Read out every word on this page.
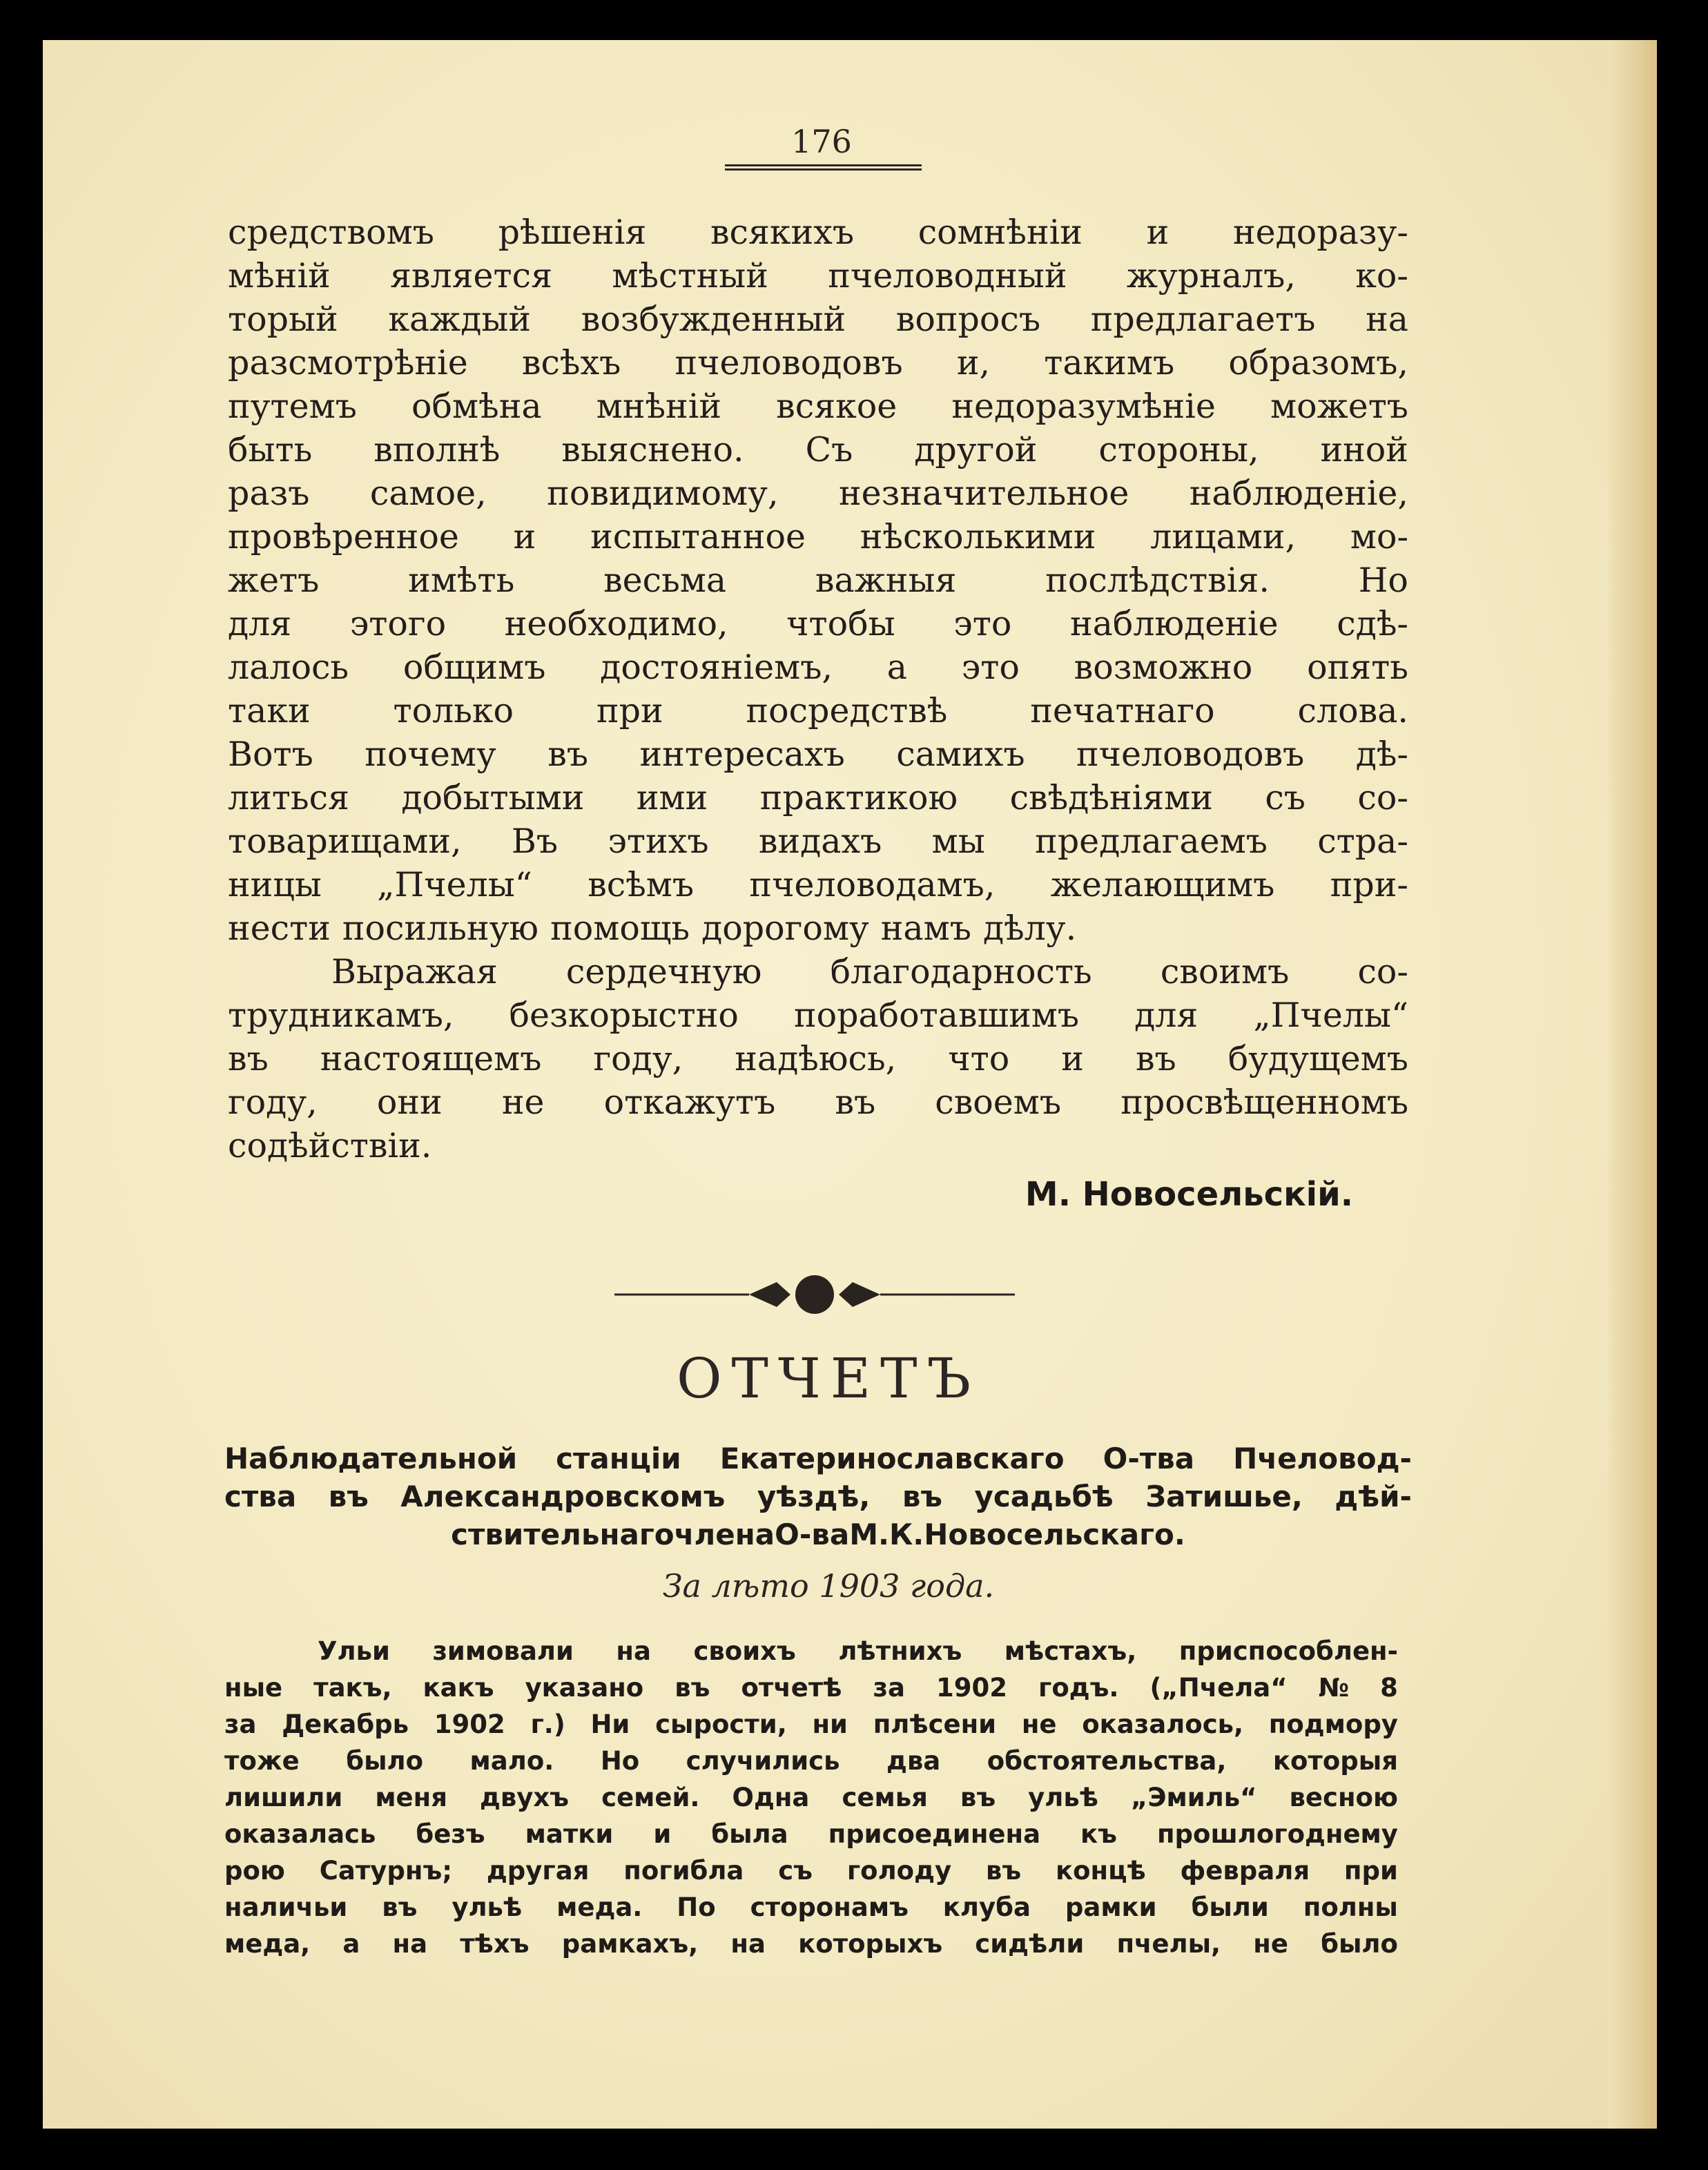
176
средствомъ рѣшенія всякихъ сомнѣніи и недоразу-
мѣній является мѣстный пчеловодный журналъ, ко-
торый каждый возбужденный вопросъ предлагаетъ на
разсмотрѣніе всѣхъ пчеловодовъ и, такимъ образомъ,
путемъ обмѣна мнѣній всякое недоразумѣніе можетъ
быть вполнѣ выяснено. Съ другой стороны, иной
разъ самое, повидимому, незначительное наблюденіе,
провѣренное и испытанное нѣсколькими лицами, мо-
жетъ	имѣть	весьма	важныя	послѣдствія.	Но
для этого необходимо, чтобы это наблюденіе сдѣ-
лалось общимъ достояніемъ, а это возможно опять
таки только при посредствѣ печатнаго слова.
Вотъ почему въ интересахъ самихъ пчеловодовъ дѣ-
литься добытыми ими практикою свѣдѣніями съ со-
товарищами, Въ этихъ видахъ мы предлагаемъ стра-
ницы „Пчелы“ всѣмъ пчеловодамъ, желающимъ при-
нести посильную помощь дорогому намъ дѣлу.
Выражая сердечную благодарность своимъ со-
трудникамъ, безкорыстно поработавшимъ для „Пчелы“
въ настоящемъ году, надѣюсь, что и въ будущемъ
году, они не откажутъ въ своемъ просвѣщенномъ
содѣйствіи.
М. Новосельскій.
ОТЧЕТЪ
Наблюдательной станціи Екатеринославскаго О-тва Пчеловод-
ства въ Александровскомъ уѣздѣ, въ усадьбѣ Затишье, дѣй-
ствительнаго члена О-ва М. К. Новосельскаго.
За лѣто 1903 года.
Ульи зимовали на своихъ лѣтнихъ мѣстахъ, приспособлен-
ные такъ, какъ указано въ отчетѣ за 1902 годъ. („Пчела“ № 8
за Декабрь 1902 г.) Ни сырости, ни плѣсени не оказалось, подмору
тоже было мало. Но случились два обстоятельства, которыя
лишили меня двухъ семей. Одна семья въ ульѣ „Эмиль“ весною
оказалась безъ матки и была присоединена къ прошлогоднему
рою Сатурнъ; другая погибла съ голоду въ концѣ февраля при
наличьи въ ульѣ меда. По сторонамъ клуба рамки были полны
меда, а на тѣхъ рамкахъ, на которыхъ сидѣли пчелы, не было
